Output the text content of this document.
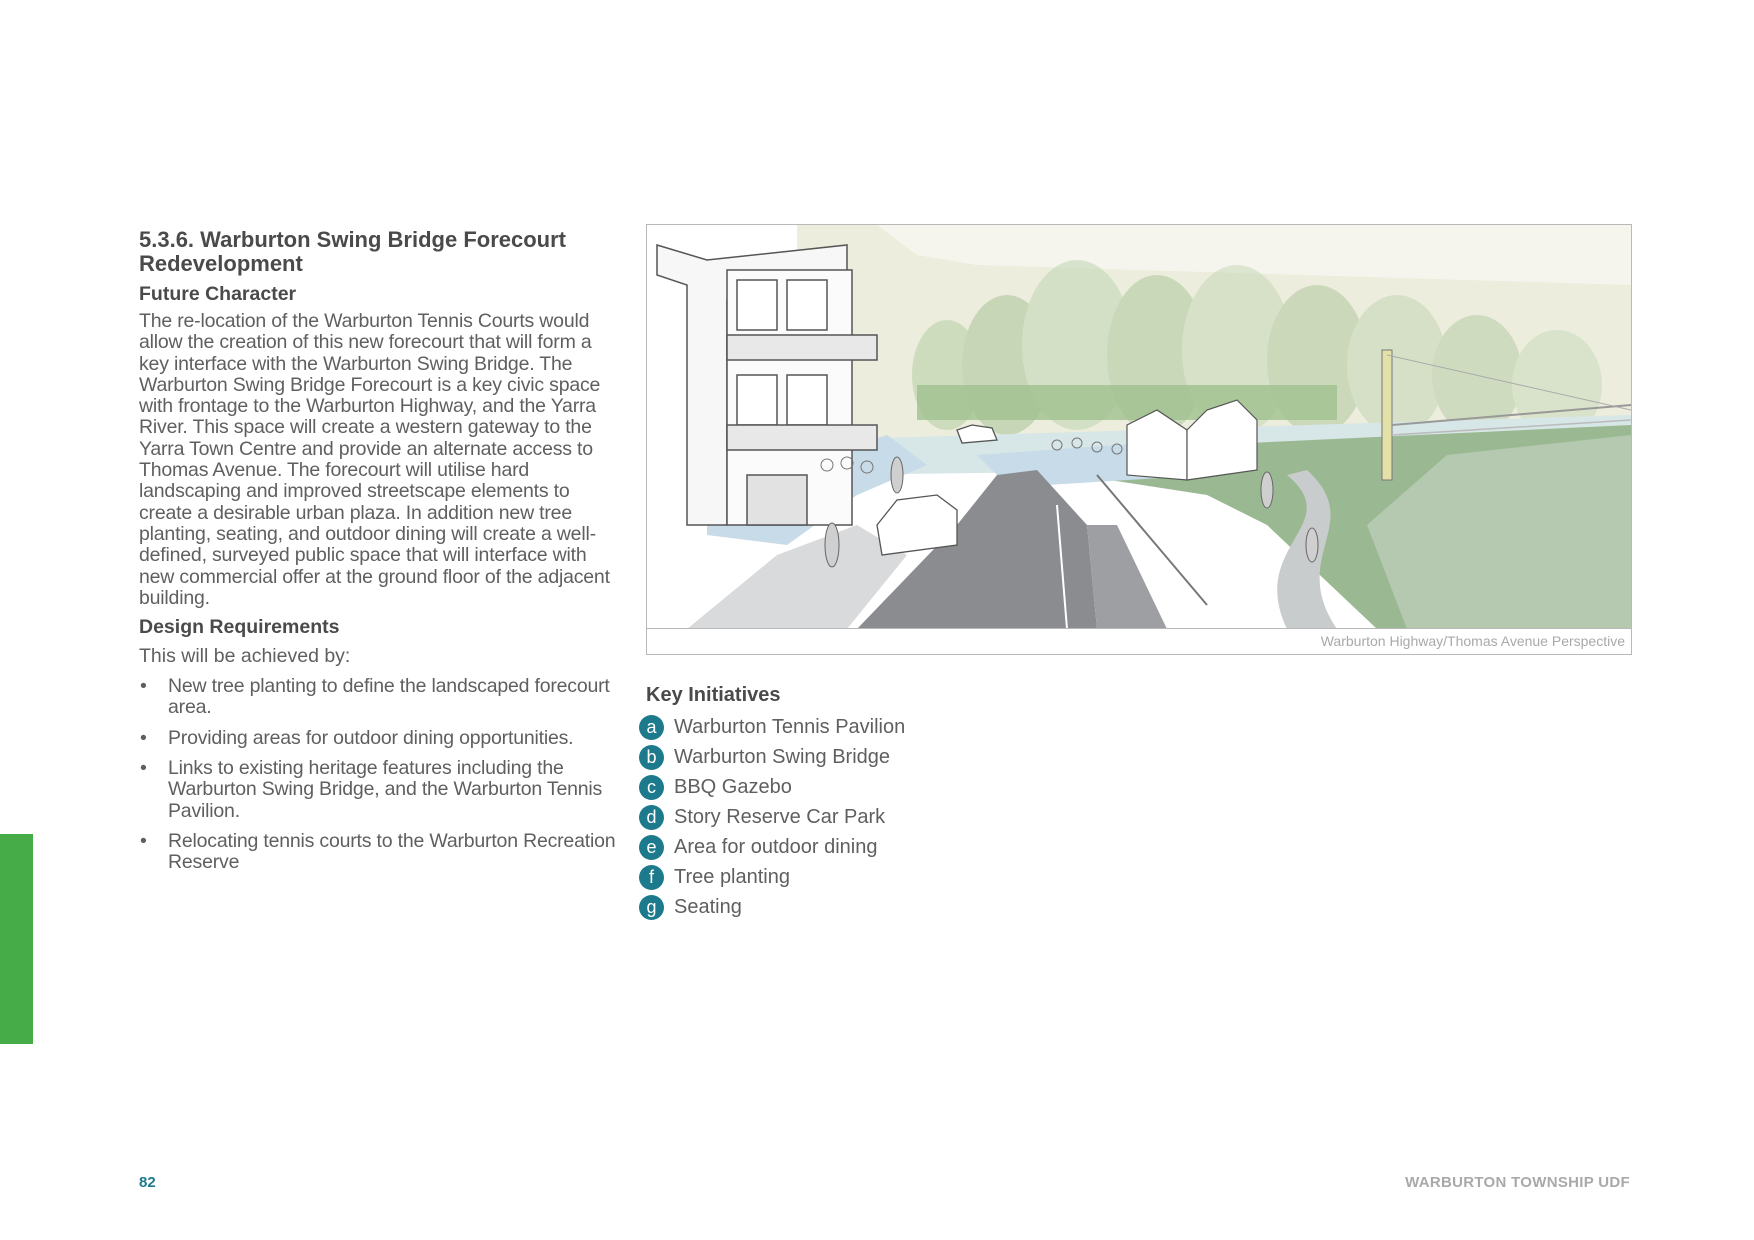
5.3.6. Warburton Swing Bridge Forecourt
Redevelopment
Future Character

The re-location of the Warburton Tennis Courts would allow the creation of this new forecourt that will form a key interface with the Warburton Swing Bridge. The Warburton Swing Bridge Forecourt is a key civic space with frontage to the Warburton Highway, and the Yarra River. This space will create a western gateway to the Yarra Town Centre and provide an alternate access to Thomas Avenue. The forecourt will utilise hard landscaping and improved streetscape elements to create a desirable urban plaza. In addition new tree planting, seating, and outdoor dining will create a well-defined, surveyed public space that will interface with new commercial offer at the ground floor of the adjacent building.

Design Requirements

This will be achieved by:

• New tree planting to define the landscaped forecourt area.
• Providing areas for outdoor dining opportunities.
• Links to existing heritage features including the Warburton Swing Bridge, and the Warburton Tennis Pavilion.
• Relocating tennis courts to the Warburton Recreation Reserve
Warburton Highway/Thomas Avenue Perspective
Key Initiatives
a Warburton Tennis Pavilion
b Warburton Swing Bridge
c BBQ Gazebo
d Story Reserve Car Park
e Area for outdoor dining
f	Tree planting
g Seating
82	WARBURTON TOWNSHIP UDF
